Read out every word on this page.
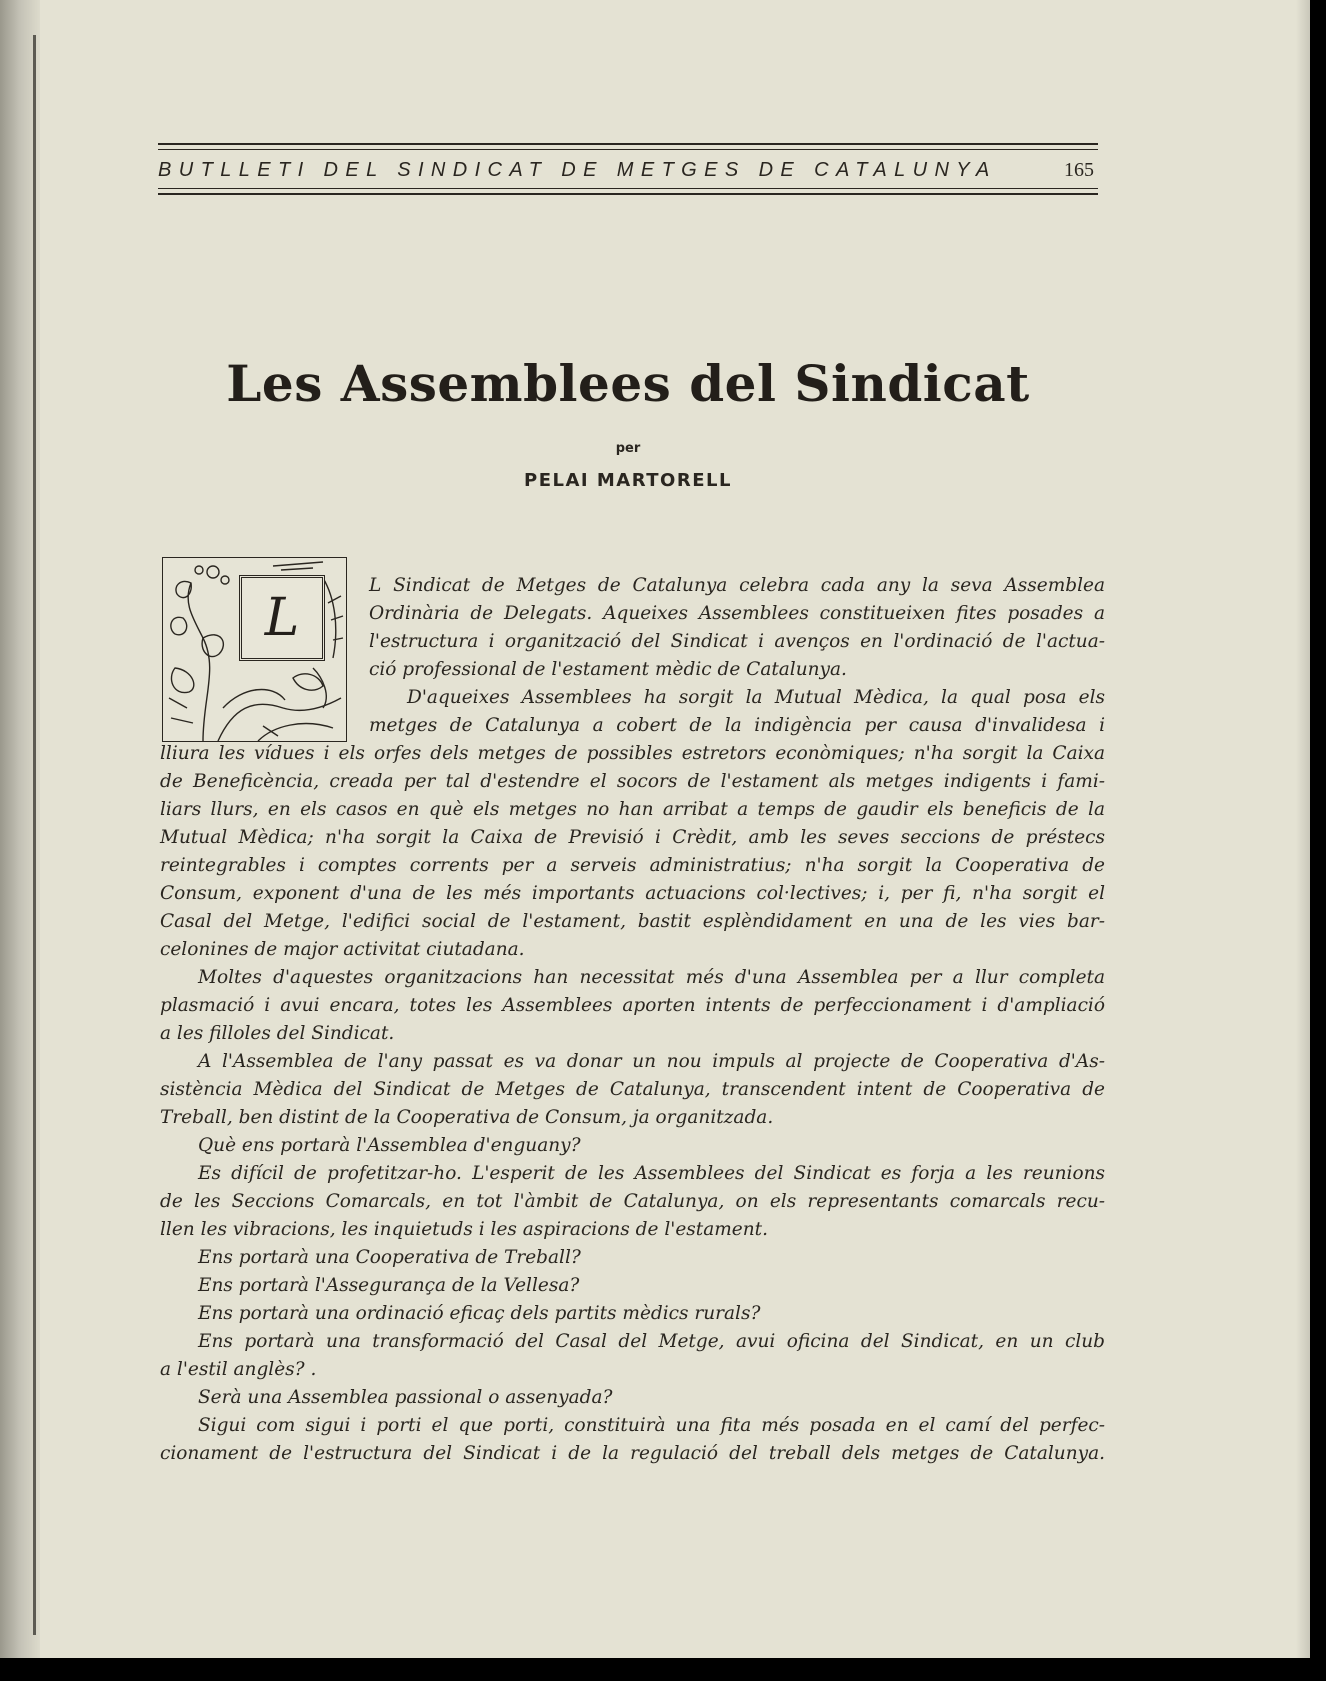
BUTLLETI DEL SINDICAT DE METGES DE CATALUNYA	165
Les Assemblees del Sindicat
per
PELAI MARTORELL
L
L Sindicat de Metges de Catalunya celebra cada any la seva Assemblea
Ordinària de Delegats. Aqueixes Assemblees constitueixen fites posades a
l'estructura i organització del Sindicat i avenços en l'ordinació de l'actua-
ció professional de l'estament mèdic de Catalunya.
D'aqueixes Assemblees ha sorgit la Mutual Mèdica, la qual posa els
metges de Catalunya a cobert de la indigència per causa d'invalidesa i
lliura les vídues i els orfes dels metges de possibles estretors econòmiques; n'ha sorgit la Caixa
de Beneficència, creada per tal d'estendre el socors de l'estament als metges indigents i fami-
liars llurs, en els casos en què els metges no han arribat a temps de gaudir els beneficis de la
Mutual Mèdica; n'ha sorgit la Caixa de Previsió i Crèdit, amb les seves seccions de préstecs
reintegrables i comptes corrents per a serveis administratius; n'ha sorgit la Cooperativa de
Consum, exponent d'una de les més importants actuacions col·lectives; i, per fi, n'ha sorgit el
Casal del Metge, l'edifici social de l'estament, bastit esplèndidament en una de les vies bar-
celonines de major activitat ciutadana.
Moltes d'aquestes organitzacions han necessitat més d'una Assemblea per a llur completa
plasmació i avui encara, totes les Assemblees aporten intents de perfeccionament i d'ampliació
a les filloles del Sindicat.
A l'Assemblea de l'any passat es va donar un nou impuls al projecte de Cooperativa d'As-
sistència Mèdica del Sindicat de Metges de Catalunya, transcendent intent de Cooperativa de
Treball, ben distint de la Cooperativa de Consum, ja organitzada.
Què ens portarà l'Assemblea d'enguany?
Es difícil de profetitzar-ho. L'esperit de les Assemblees del Sindicat es forja a les reunions
de les Seccions Comarcals, en tot l'àmbit de Catalunya, on els representants comarcals recu-
llen les vibracions, les inquietuds i les aspiracions de l'estament.
Ens portarà una Cooperativa de Treball?
Ens portarà l'Assegurança de la Vellesa?
Ens portarà una ordinació eficaç dels partits mèdics rurals?
Ens portarà una transformació del Casal del Metge, avui oficina del Sindicat, en un club
a l'estil anglès? .
Serà una Assemblea passional o assenyada?
Sigui com sigui i porti el que porti, constituirà una fita més posada en el camí del perfec-
cionament de l'estructura del Sindicat i de la regulació del treball dels metges de Catalunya.
